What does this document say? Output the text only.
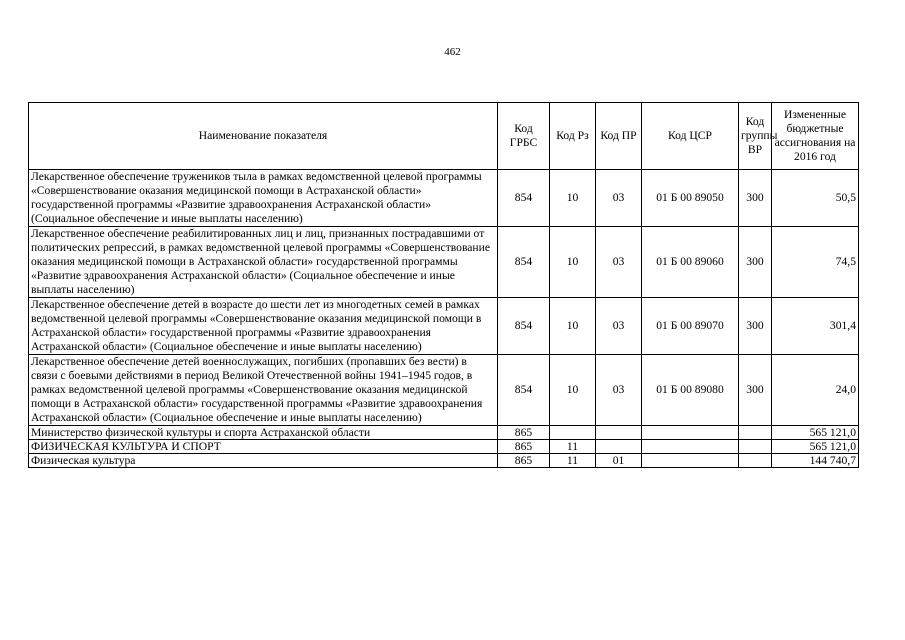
462
Наименование показателя	Код ГРБС	Код Рз	Код ПР	Код ЦСР	Код группы ВР	Измененные бюджетные ассигнования на 2016 год
Лекарственное обеспечение тружеников тыла в рамках ведомственной целевой программы «Совершенствование оказания медицинской помощи в Астраханской области» государственной программы «Развитие здравоохранения Астраханской области» (Социальное обеспечение и иные выплаты населению)	854	10	03	01 Б 00 89050	300	50,5
Лекарственное обеспечение реабилитированных лиц и лиц, признанных пострадавшими от политических репрессий, в рамках ведомственной целевой программы «Совершенствование оказания медицинской помощи в Астраханской области» государственной программы «Развитие здравоохранения Астраханской области» (Социальное обеспечение и иные выплаты населению)	854	10	03	01 Б 00 89060	300	74,5
Лекарственное обеспечение детей в возрасте до шести лет из многодетных семей в рамках ведомственной целевой программы «Совершенствование оказания медицинской помощи в Астраханской области» государственной программы «Развитие здравоохранения Астраханской области» (Социальное обеспечение и иные выплаты населению)	854	10	03	01 Б 00 89070	300	301,4
Лекарственное обеспечение детей военнослужащих, погибших (пропавших без вести) в связи с боевыми действиями в период Великой Отечественной войны 1941–1945 годов, в рамках ведомственной целевой программы «Совершенствование оказания медицинской помощи в Астраханской области» государственной программы «Развитие здравоохранения Астраханской области» (Социальное обеспечение и иные выплаты населению)	854	10	03	01 Б 00 89080	300	24,0
Министерство физической культуры и спорта Астраханской области	865					565 121,0
ФИЗИЧЕСКАЯ КУЛЬТУРА И СПОРТ	865	11				565 121,0
Физическая культура	865	11	01			144 740,7
